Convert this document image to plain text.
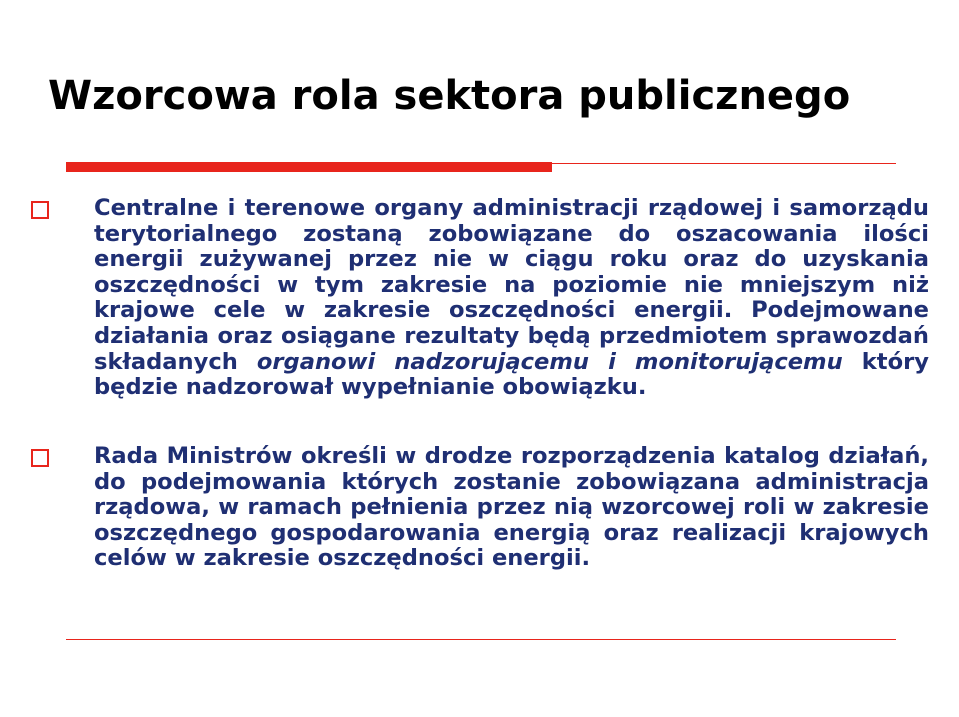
Wzorcowa rola sektora publicznego

Centralne i terenowe organy administracji rządowej i samorządu terytorialnego zostaną zobowiązane do oszacowania ilości energii zużywanej przez nie w ciągu roku oraz do uzyskania oszczędności w tym zakresie na poziomie nie mniejszym niż krajowe cele w zakresie oszczędności energii. Podejmowane działania oraz osiągane rezultaty będą przedmiotem sprawozdań składanych organowi nadzorującemu i monitorującemu który będzie nadzorował wypełnianie obowiązku.

Rada Ministrów określi w drodze rozporządzenia katalog działań, do podejmowania których zostanie zobowiązana administracja rządowa, w ramach pełnienia przez nią wzorcowej roli w zakresie oszczędnego gospodarowania energią oraz realizacji krajowych celów w zakresie oszczędności energii.
